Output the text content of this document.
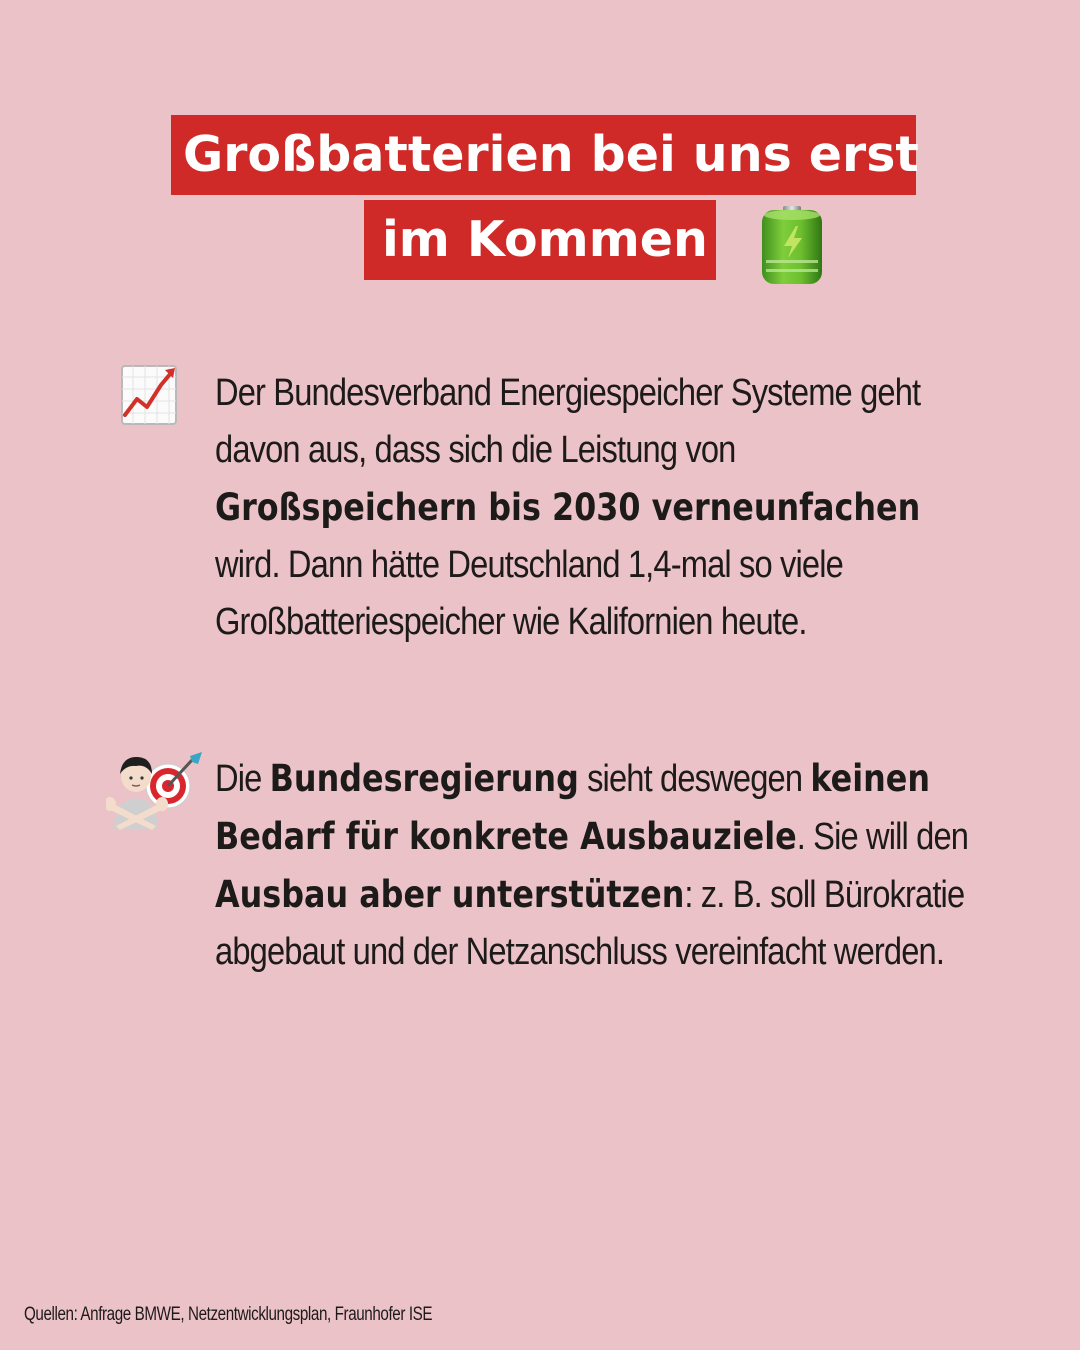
Großbatterien bei uns erst
im Kommen
Der Bundesverband Energiespeicher Systeme geht davon aus, dass sich die Leistung von Großspeichern bis 2030 verneunfachen wird. Dann hätte Deutschland 1,4-mal so viele Großbatteriespeicher wie Kalifornien heute.
Die Bundesregierung sieht deswegen keinen Bedarf für konkrete Ausbauziele. Sie will den Ausbau aber unterstützen: z. B. soll Bürokratie abgebaut und der Netzanschluss vereinfacht werden.
Quellen: Anfrage BMWE, Netzentwicklungsplan, Fraunhofer ISE
